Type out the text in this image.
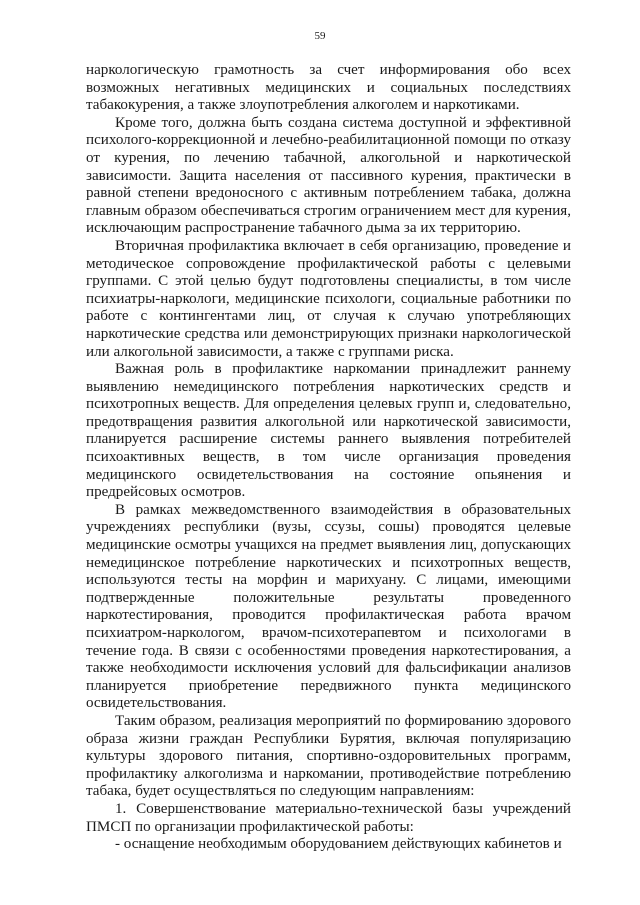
59

наркологическую грамотность за счет информирования обо всех возможных негативных медицинских и социальных последствиях табакокурения, а также злоупотребления алкоголем и наркотиками.

Кроме того, должна быть создана система доступной и эффективной психолого-коррекционной и лечебно-реабилитационной помощи по отказу от курения, по лечению табачной, алкогольной и наркотической зависимости. Защита населения от пассивного курения, практически в равной степени вредоносного с активным потреблением табака, должна главным образом обеспечиваться строгим ограничением мест для курения, исключающим распространение табачного дыма за их территорию.

Вторичная профилактика включает в себя организацию, проведение и методическое сопровождение профилактической работы с целевыми группами. С этой целью будут подготовлены специалисты, в том числе психиатры-наркологи, медицинские психологи, социальные работники по работе с контингентами лиц, от случая к случаю употребляющих наркотические средства или демонстрирующих признаки наркологической или алкогольной зависимости, а также с группами риска.

Важная роль в профилактике наркомании принадлежит раннему выявлению немедицинского потребления наркотических средств и психотропных веществ. Для определения целевых групп и, следовательно, предотвращения развития алкогольной или наркотической зависимости, планируется расширение системы раннего выявления потребителей психоактивных веществ, в том числе организация проведения медицинского освидетельствования на состояние опьянения и предрейсовых осмотров.

В рамках межведомственного взаимодействия в образовательных учреждениях республики (вузы, ссузы, сошы) проводятся целевые медицинские осмотры учащихся на предмет выявления лиц, допускающих немедицинское потребление наркотических и психотропных веществ, используются тесты на морфин и марихуану. С лицами, имеющими подтвержденные положительные результаты проведенного наркотестирования, проводится профилактическая работа врачом психиатром-наркологом, врачом-психотерапевтом и психологами в течение года. В связи с особенностями проведения наркотестирования, а также необходимости исключения условий для фальсификации анализов планируется приобретение передвижного пункта медицинского освидетельствования.

Таким образом, реализация мероприятий по формированию здорового образа жизни граждан Республики Бурятия, включая популяризацию культуры здорового питания, спортивно-оздоровительных программ, профилактику алкоголизма и наркомании, противодействие потреблению табака, будет осуществляться по следующим направлениям:

1. Совершенствование материально-технической базы учреждений ПМСП по организации профилактической работы:

- оснащение необходимым оборудованием действующих кабинетов и
